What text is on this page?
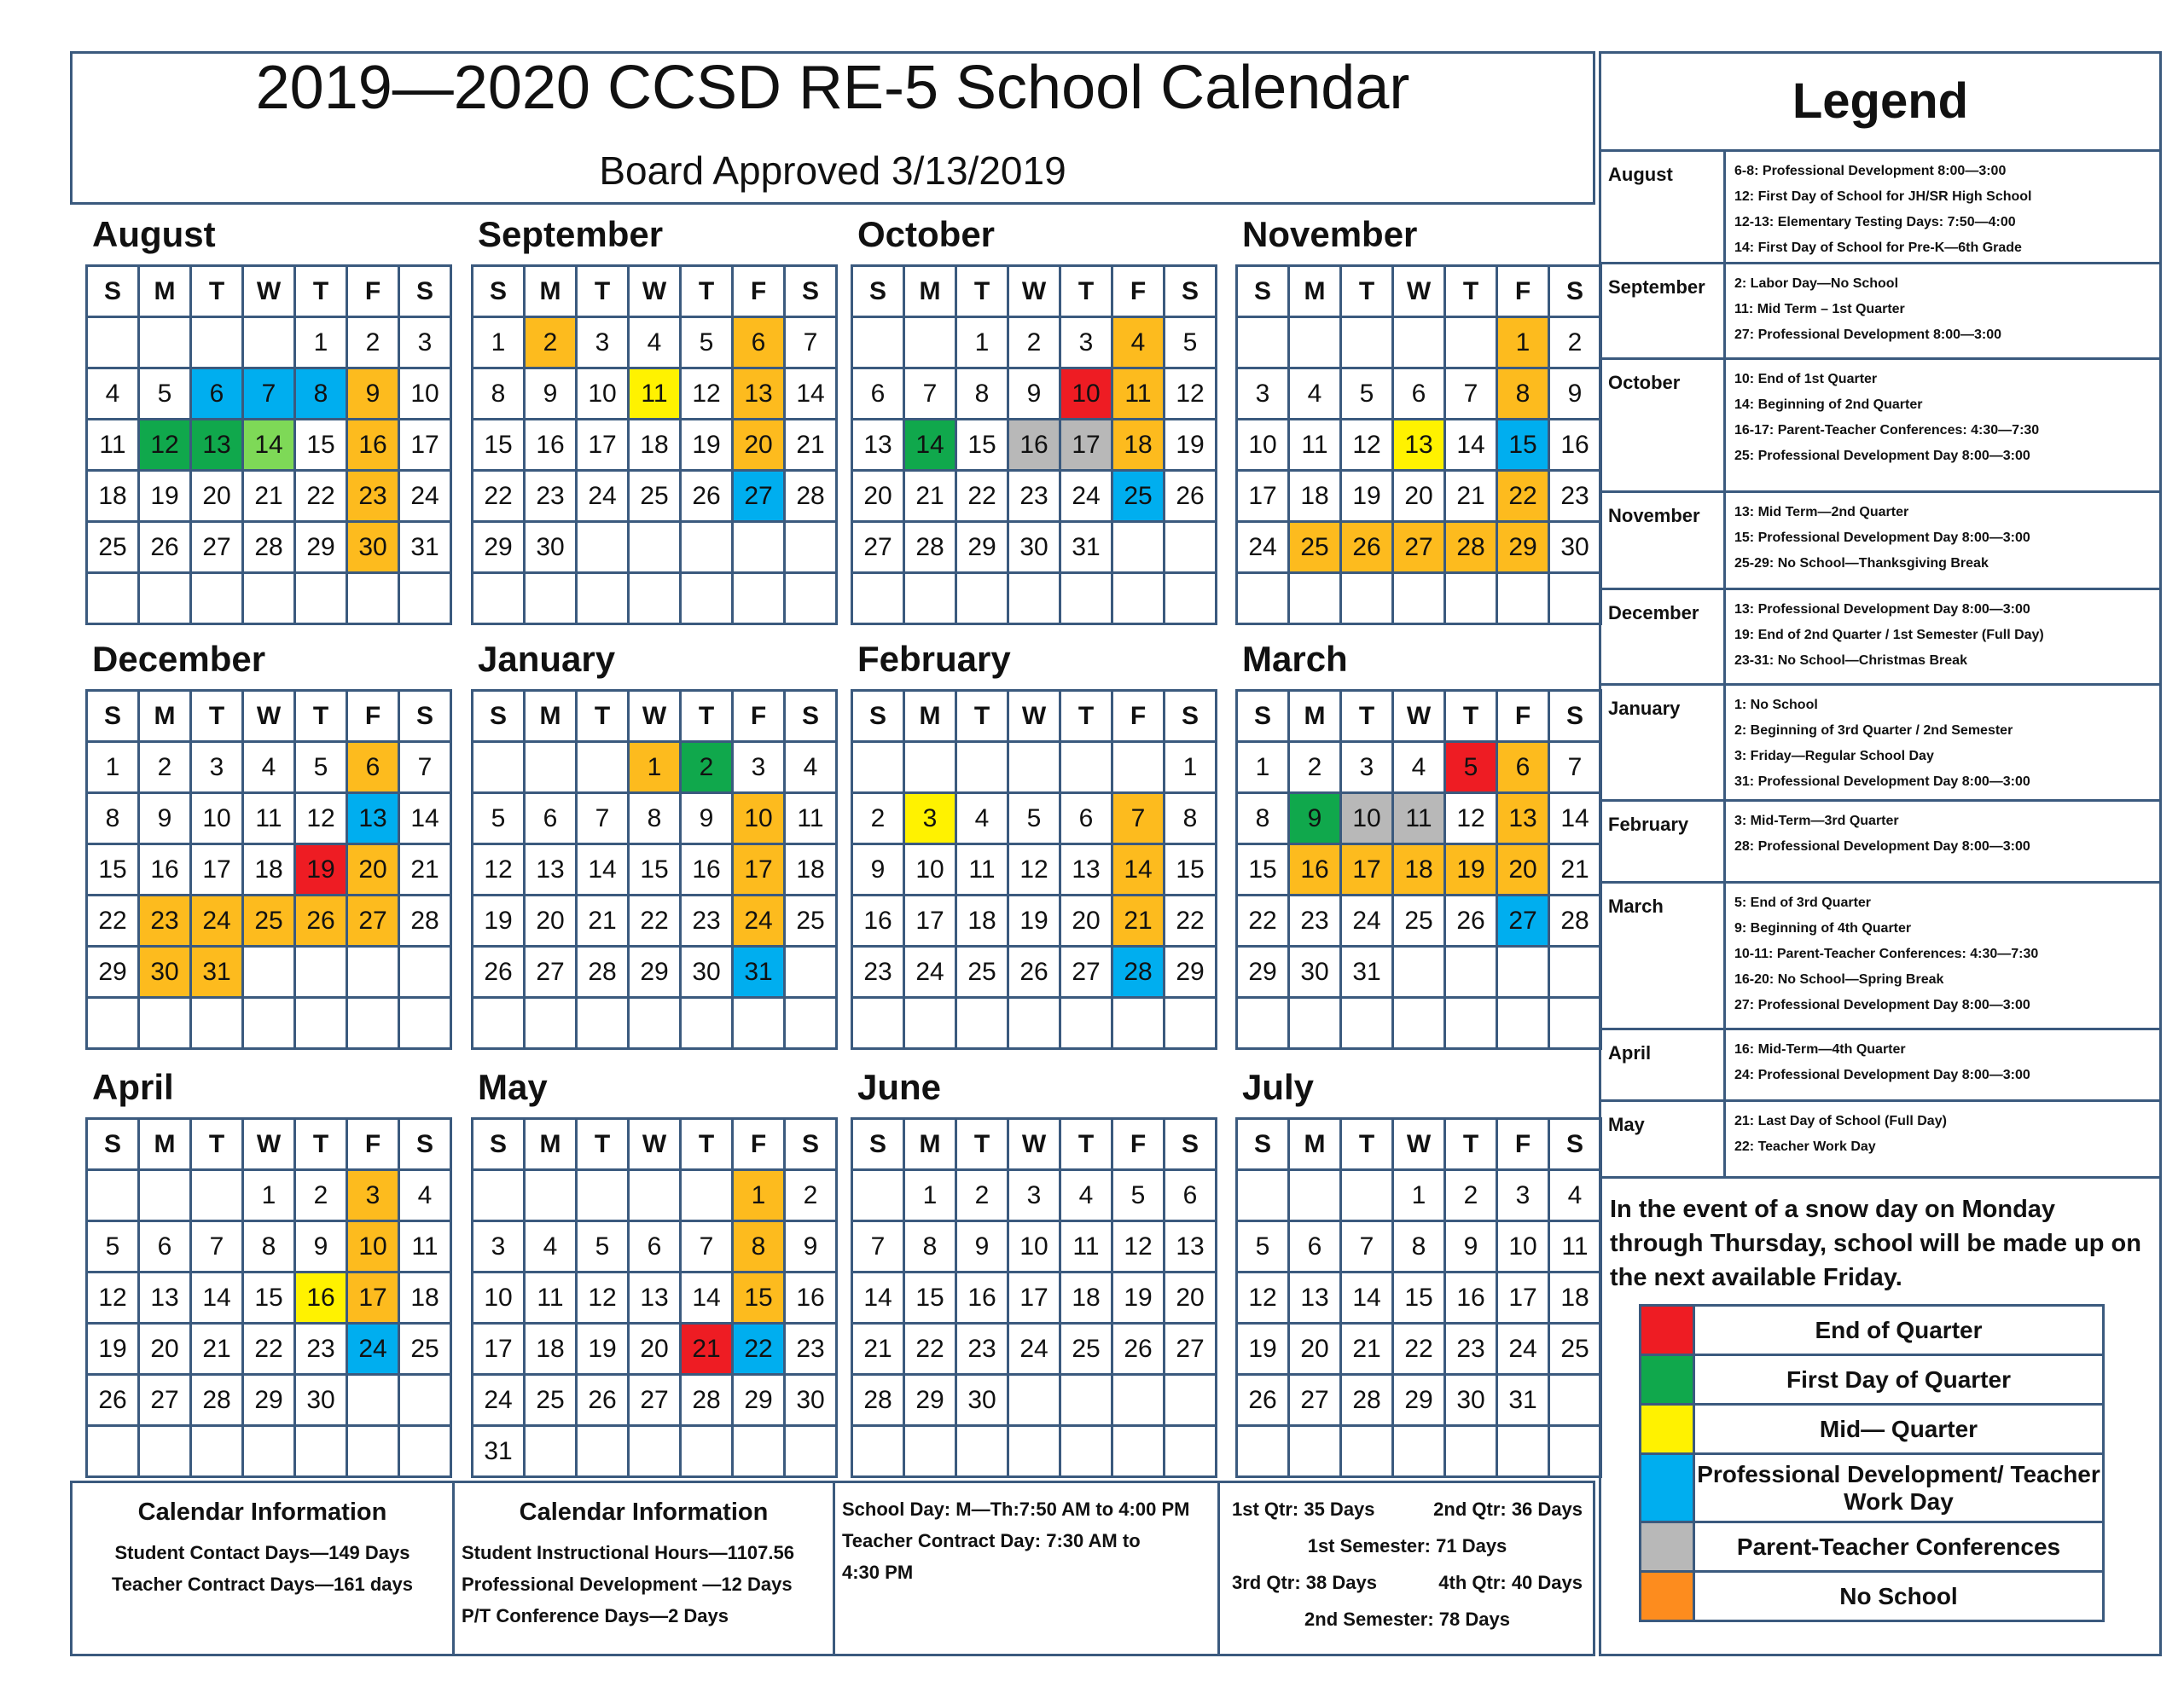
2019—2020 CCSD RE-5 School Calendar
Board Approved 3/13/2019
August
S	M	T	W	T	F	S
				1	2	3
4	5	6	7	8	9	10
11	12	13	14	15	16	17
18	19	20	21	22	23	24
25	26	27	28	29	30	31

September
S	M	T	W	T	F	S
1	2	3	4	5	6	7
8	9	10	11	12	13	14
15	16	17	18	19	20	21
22	23	24	25	26	27	28
29	30					

October
S	M	T	W	T	F	S
		1	2	3	4	5
6	7	8	9	10	11	12
13	14	15	16	17	18	19
20	21	22	23	24	25	26
27	28	29	30	31		

November
S	M	T	W	T	F	S
					1	2
3	4	5	6	7	8	9
10	11	12	13	14	15	16
17	18	19	20	21	22	23
24	25	26	27	28	29	30

December
S	M	T	W	T	F	S
1	2	3	4	5	6	7
8	9	10	11	12	13	14
15	16	17	18	19	20	21
22	23	24	25	26	27	28
29	30	31				

January
S	M	T	W	T	F	S
			1	2	3	4
5	6	7	8	9	10	11
12	13	14	15	16	17	18
19	20	21	22	23	24	25
26	27	28	29	30	31	

February
S	M	T	W	T	F	S
						1
2	3	4	5	6	7	8
9	10	11	12	13	14	15
16	17	18	19	20	21	22
23	24	25	26	27	28	29

March
S	M	T	W	T	F	S
1	2	3	4	5	6	7
8	9	10	11	12	13	14
15	16	17	18	19	20	21
22	23	24	25	26	27	28
29	30	31				

April
S	M	T	W	T	F	S
			1	2	3	4
5	6	7	8	9	10	11
12	13	14	15	16	17	18
19	20	21	22	23	24	25
26	27	28	29	30		

May
S	M	T	W	T	F	S
					1	2
3	4	5	6	7	8	9
10	11	12	13	14	15	16
17	18	19	20	21	22	23
24	25	26	27	28	29	30
31						
June
S	M	T	W	T	F	S
	1	2	3	4	5	6
7	8	9	10	11	12	13
14	15	16	17	18	19	20
21	22	23	24	25	26	27
28	29	30				

July
S	M	T	W	T	F	S
			1	2	3	4
5	6	7	8	9	10	11
12	13	14	15	16	17	18
19	20	21	22	23	24	25
26	27	28	29	30	31	

Legend
August	6-8: Professional Development 8:00—3:00
12: First Day of School for JH/SR High School
12-13: Elementary Testing Days: 7:50—4:00
14: First Day of School for Pre-K—6th Grade
September	2: Labor Day—No School
11: Mid Term – 1st Quarter
27: Professional Development 8:00—3:00
October	10: End of 1st Quarter
14: Beginning of 2nd Quarter
16-17: Parent-Teacher Conferences: 4:30—7:30
25: Professional Development Day 8:00—3:00
November	13: Mid Term—2nd Quarter
15: Professional Development Day 8:00—3:00
25-29: No School—Thanksgiving Break
December	13: Professional Development Day 8:00—3:00
19: End of 2nd Quarter / 1st Semester (Full Day)
23-31: No School—Christmas Break
January	1: No School
2: Beginning of 3rd Quarter / 2nd Semester
3: Friday—Regular School Day
31: Professional Development Day 8:00—3:00
February	3: Mid-Term—3rd Quarter
28: Professional Development Day 8:00—3:00
March	5: End of 3rd Quarter
9: Beginning of 4th Quarter
10-11: Parent-Teacher Conferences: 4:30—7:30
16-20: No School—Spring Break
27: Professional Development Day 8:00—3:00
April	16: Mid-Term—4th Quarter
24: Professional Development Day 8:00—3:00
May	21: Last Day of School (Full Day)
22: Teacher Work Day
In the event of a snow day on Monday through Thursday, school will be made up on the next available Friday.
	End of Quarter
	First Day of Quarter
	Mid— Quarter
	Professional Development/ Teacher Work Day
	Parent-Teacher Conferences
	No School
Calendar Information
Student Contact Days—149 Days
Teacher Contract Days—161 days
Calendar Information
Student Instructional Hours—1107.56
Professional Development —12 Days
P/T Conference Days—2 Days
School Day: M—Th:7:50 AM to 4:00 PM
Teacher Contract Day: 7:30 AM to
4:30 PM
1st Qtr: 35 Days	2nd Qtr: 36 Days
1st Semester: 71 Days
3rd Qtr: 38 Days	4th Qtr: 40 Days
2nd Semester: 78 Days
